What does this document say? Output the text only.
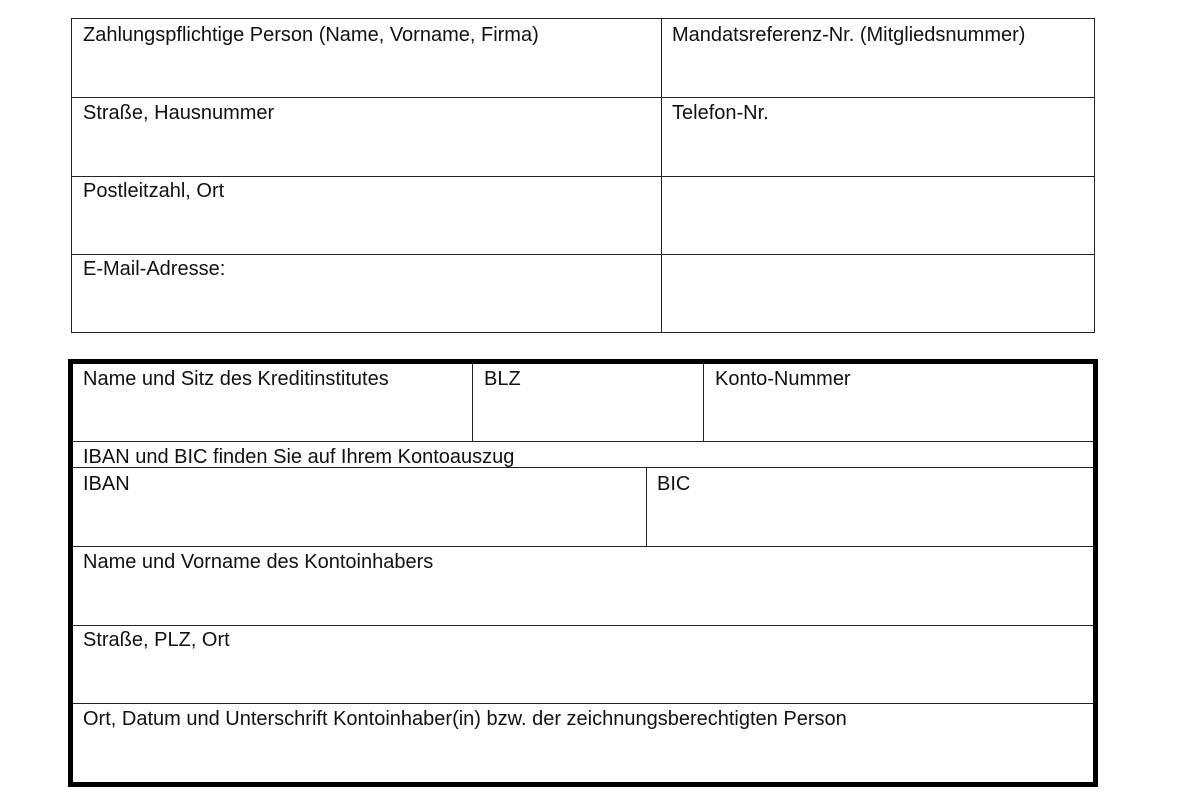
Zahlungspflichtige Person (Name, Vorname, Firma)	Mandatsreferenz-Nr. (Mitgliedsnummer)
Straße, Hausnummer	Telefon-Nr.
Postleitzahl, Ort
E-Mail-Adresse:
Name und Sitz des Kreditinstitutes	BLZ	Konto-Nummer
IBAN und BIC finden Sie auf Ihrem Kontoauszug
IBAN	BIC
Name und Vorname des Kontoinhabers
Straße, PLZ, Ort
Ort, Datum und Unterschrift Kontoinhaber(in) bzw. der zeichnungsberechtigten Person
